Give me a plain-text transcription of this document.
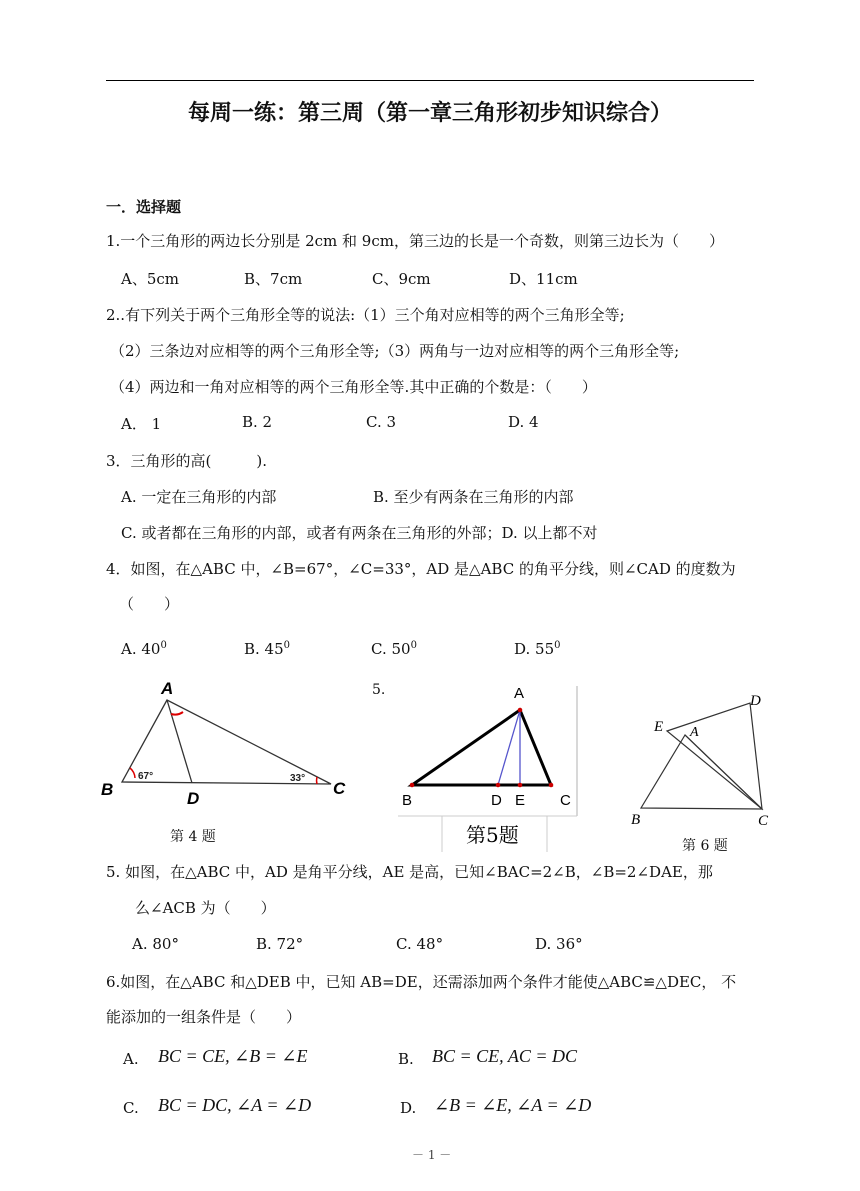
每周一练：第三周（第一章三角形初步知识综合）
一．选择题
1.一个三角形的两边长分别是 2cm 和 9cm，第三边的长是一个奇数，则第三边长为（　　）
A、5cm	B、7cm	C、9cm	D、11cm
2..有下列关于两个三角形全等的说法:（1）三个角对应相等的两个三角形全等;
（2）三条边对应相等的两个三角形全等;（3）两角与一边对应相等的两个三角形全等;
（4）两边和一角对应相等的两个三角形全等.其中正确的个数是：（　　）
A． 1	B. 2	C. 3	D. 4
3．三角形的高(　　　).
A. 一定在三角形的内部	B. 至少有两条在三角形的内部
C. 或者都在三角形的内部，或者有两条在三角形的外部；D. 以上都不对
4．如图，在△ABC 中，∠B=67°，∠C=33°，AD 是△ABC 的角平分线，则∠CAD 的度数为
（　　）
A. $40^0$	B. $45^0$	C. $50^0$	D. $55^0$
A
B	C
D
67°	33°
第 4 题
5.	A
B	D E C
第5题
D
E A
B	C
第 6 题
5. 如图，在△ABC 中，AD 是角平分线，AE 是高，已知∠BAC=2∠B，∠B=2∠DAE，那
么∠ACB 为（　　）
A. 80°	B. 72°	C. 48°	D. 36°
6.如图，在△ABC 和△DEB 中，已知 AB=DE，还需添加两个条件才能使△ABC≌△DEC， 不
能添加的一组条件是（　　）
A. BC = CE, ∠B = ∠E	B. BC = CE, AC = DC
C. BC = DC, ∠A = ∠D	D. ∠B = ∠E, ∠A = ∠D
－ 1 －
